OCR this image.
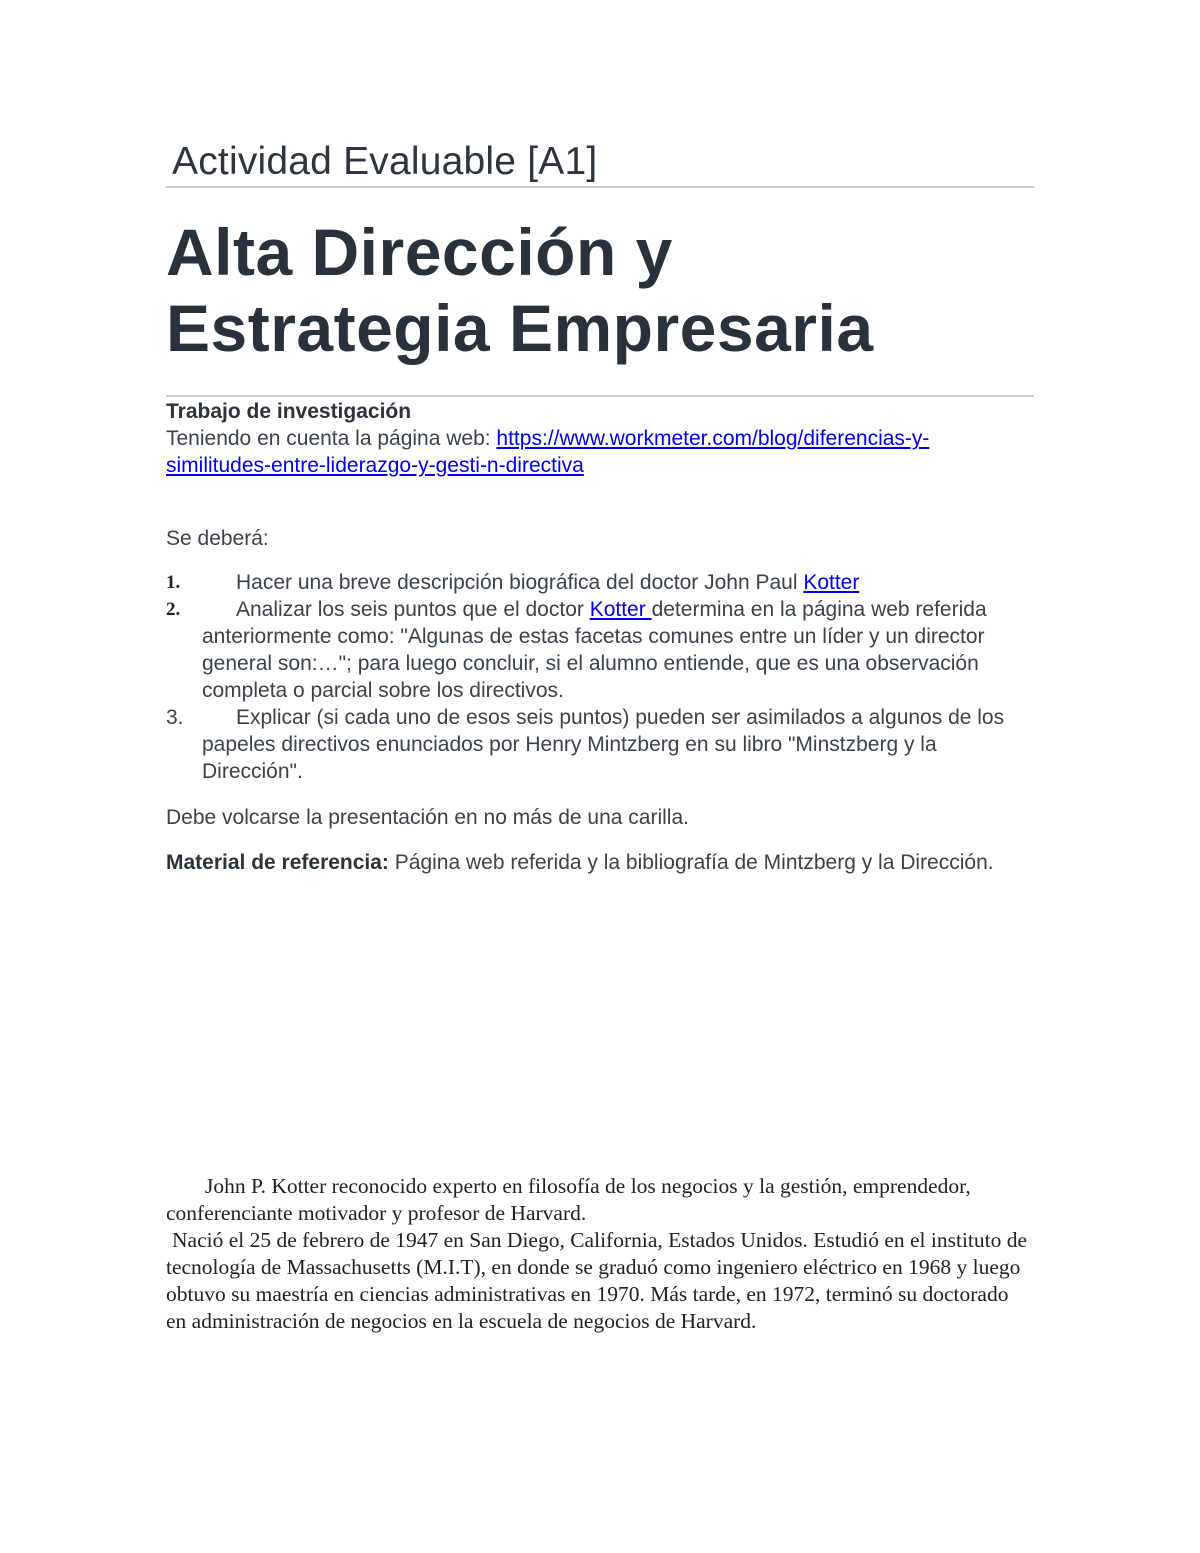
Actividad Evaluable [A1]
Alta Dirección y
Estrategia Empresaria
Trabajo de investigación
Teniendo en cuenta la página web: https://www.workmeter.com/blog/diferencias-y-
similitudes-entre-liderazgo-y-gesti-n-directiva
Se deberá:
1.	Hacer una breve descripción biográfica del doctor John Paul Kotter
2.	Analizar los seis puntos que el doctor Kotter determina en la página web referida anteriormente como: "Algunas de estas facetas comunes entre un líder y un director general son:…"; para luego concluir, si el alumno entiende, que es una observación completa o parcial sobre los directivos.
3.	Explicar (si cada uno de esos seis puntos) pueden ser asimilados a algunos de los papeles directivos enunciados por Henry Mintzberg en su libro "Minstzberg y la Dirección".
Debe volcarse la presentación en no más de una carilla.
Material de referencia: Página web referida y la bibliografía de Mintzberg y la Dirección.

John P. Kotter reconocido experto en filosofía de los negocios y la gestión, emprendedor, conferenciante motivador y profesor de Harvard.

Nació el 25 de febrero de 1947 en San Diego, California, Estados Unidos. Estudió en el instituto de tecnología de Massachusetts (M.I.T), en donde se graduó como ingeniero eléctrico en 1968 y luego obtuvo su maestría en ciencias administrativas en 1970. Más tarde, en 1972, terminó su doctorado en administración de negocios en la escuela de negocios de Harvard.
